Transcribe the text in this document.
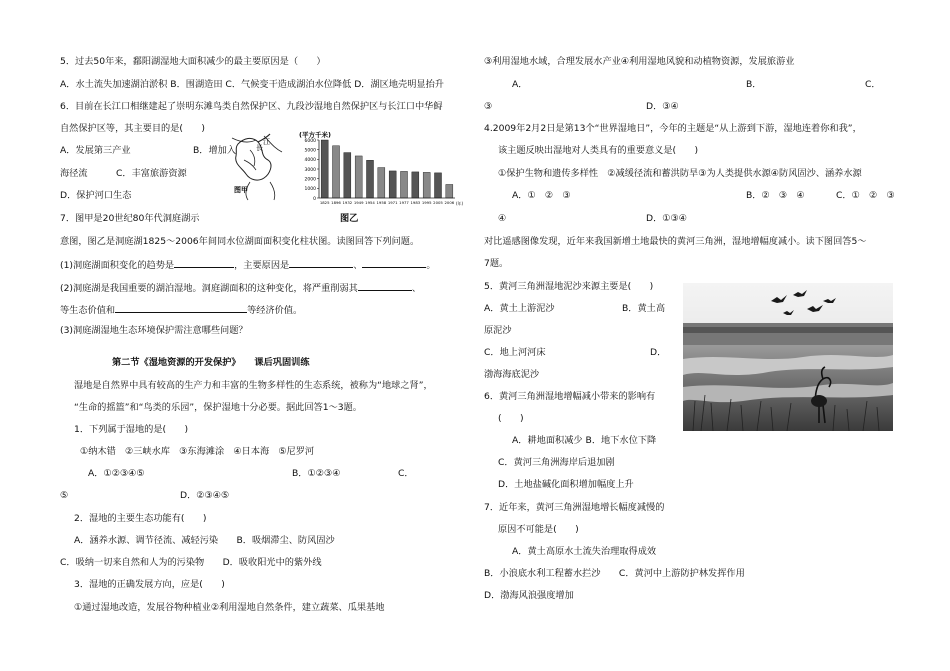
5．过去50年来，鄱阳湖湿地大面积减少的最主要原因是（　　）
A．水土流失加速湖泊淤积 B．围湖造田 C．气候变干造成湖泊水位降低 D．湖区地壳明显抬升
6．目前在长江口相继建起了崇明东滩鸟类自然保护区、九段沙湿地自然保护区与长江口中华鲟
自然保护区等，其主要目的是(　　)
A．发展第三产业	B．增加入
海径流	C．丰富旅游资源
D．保护河口生态
7．图甲是20世纪80年代洞庭湖示
意图，图乙是洞庭湖1825～2006年间同水位湖面面积变化柱状图。读图回答下列问题。
长
江
图甲
(平方千米)
0
1000
2000
3000
4000
5000
6000
1825 1896 1932 1949 1954 1958 1971 1977 1983 1995 2005 2006 (年)
图乙
(1)洞庭湖面积变化的趋势是	，主要原因是	、	。
(2)洞庭湖是我国重要的湖泊湿地。洞庭湖面积的这种变化，将严重削弱其	、
等生态价值和	等经济价值。
(3)洞庭湖湿地生态环境保护需注意哪些问题？
第二节《湿地资源的开发保护》　　课后巩固训练
湿地是自然界中具有较高的生产力和丰富的生物多样性的生态系统，被称为“地球之肾”，
“生命的摇篮”和“鸟类的乐园”，保护湿地十分必要。据此回答1～3题。
1．下列属于湿地的是(　　)
①纳木错　②三峡水库　③东海滩涂　④日本海　⑤尼罗河
A．①②③④⑤	B．①②③④	C．
⑤	D．②③④⑤
2．湿地的主要生态功能有(　　)
A．涵养水源、调节径流、减轻污染　　B．吸烟滞尘、防风固沙
C．吸纳一切来自然和人为的污染物　　D．吸收阳光中的紫外线
3．湿地的正确发展方向，应是(　　)
①通过湿地改造，发展谷物种植业②利用湿地自然条件，建立蔬菜、瓜果基地
③利用湿地水域，合理发展水产业④利用湿地风貌和动植物资源，发展旅游业
A．	B．	C．
③	D．③④
4.2009年2月2日是第13个“世界湿地日”，今年的主题是“从上游到下游，湿地连着你和我”，
该主题反映出湿地对人类具有的重要意义是(　　)
①保护生物和遗传多样性　②减缓径流和蓄洪防旱③为人类提供水源④防风固沙、涵养水源
A．①　②　③	B．②　③　④	C．①　②　③
④	D．①③④
对比遥感图像发现，近年来我国新增土地最快的黄河三角洲，湿地增幅度减小。读下图回答5～
7题。
5．黄河三角洲湿地泥沙来源主要是(　　)
A．黄土上游泥沙	B．黄土高
原泥沙
C．地上河河床	D．
渤海海底泥沙
6．黄河三角洲湿地增幅减小带来的影响有
(　　)
A．耕地面积减少 B．地下水位下降
C．黄河三角洲海岸后退加剧
D．土地盐碱化面积增加幅度上升
7．近年来，黄河三角洲湿地增长幅度减慢的
原因不可能是(　　)
A．黄土高原水土流失治理取得成效
B．小浪底水利工程蓄水拦沙　　C．黄河中上游防护林发挥作用
D．渤海风浪强度增加
